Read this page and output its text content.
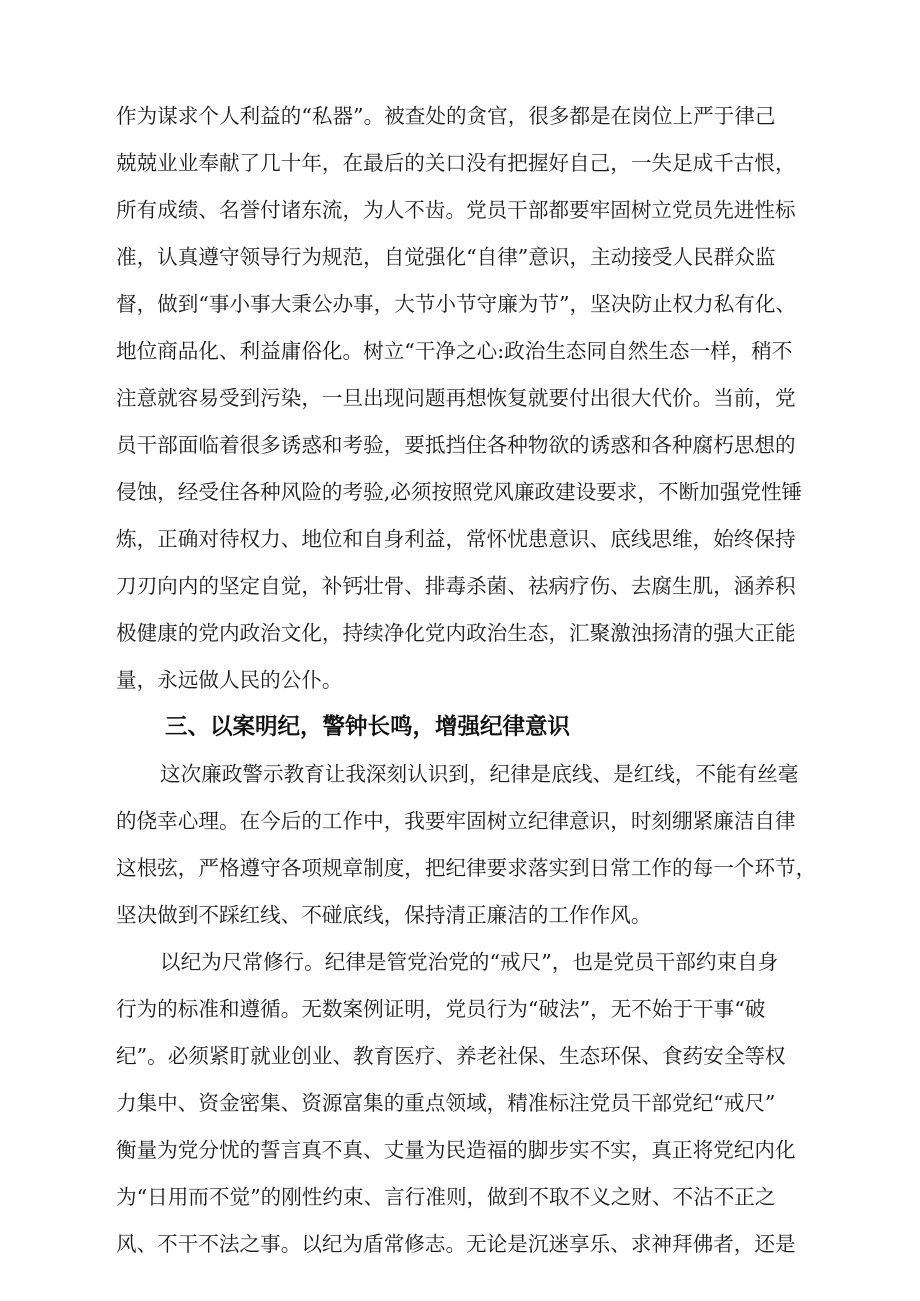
作为谋求个人利益的“私器”。被查处的贪官，很多都是在岗位上严于律己
兢兢业业奉献了几十年，在最后的关口没有把握好自己，一失足成千古恨，
所有成绩、名誉付诸东流，为人不齿。党员干部都要牢固树立党员先进性标
准，认真遵守领导行为规范，自觉强化“自律”意识，主动接受人民群众监
督，做到“事小事大秉公办事，大节小节守廉为节”，坚决防止权力私有化、
地位商品化、利益庸俗化。树立“干净之心:政治生态同自然生态一样，稍不
注意就容易受到污染，一旦出现问题再想恢复就要付出很大代价。当前，党
员干部面临着很多诱惑和考验，要抵挡住各种物欲的诱惑和各种腐朽思想的
侵蚀，经受住各种风险的考验,必须按照党风廉政建设要求，不断加强党性锤
炼，正确对待权力、地位和自身利益，常怀忧患意识、底线思维，始终保持
刀刃向内的坚定自觉，补钙壮骨、排毒杀菌、祛病疗伤、去腐生肌，涵养积
极健康的党内政治文化，持续净化党内政治生态，汇聚激浊扬清的强大正能
量，永远做人民的公仆。
三、以案明纪，警钟长鸣，增强纪律意识
这次廉政警示教育让我深刻认识到，纪律是底线、是红线，不能有丝毫
的侥幸心理。在今后的工作中，我要牢固树立纪律意识，时刻绷紧廉洁自律
这根弦，严格遵守各项规章制度，把纪律要求落实到日常工作的每一个环节，
坚决做到不踩红线、不碰底线，保持清正廉洁的工作作风。
以纪为尺常修行。纪律是管党治党的“戒尺”，也是党员干部约束自身
行为的标准和遵循。无数案例证明，党员行为“破法”，无不始于干事“破
纪”。必须紧盯就业创业、教育医疗、养老社保、生态环保、食药安全等权
力集中、资金密集、资源富集的重点领域，精准标注党员干部党纪“戒尺”
衡量为党分忧的誓言真不真、丈量为民造福的脚步实不实，真正将党纪内化
为“日用而不觉”的刚性约束、言行准则，做到不取不义之财、不沾不正之
风、不干不法之事。以纪为盾常修志。无论是沉迷享乐、求神拜佛者，还是
